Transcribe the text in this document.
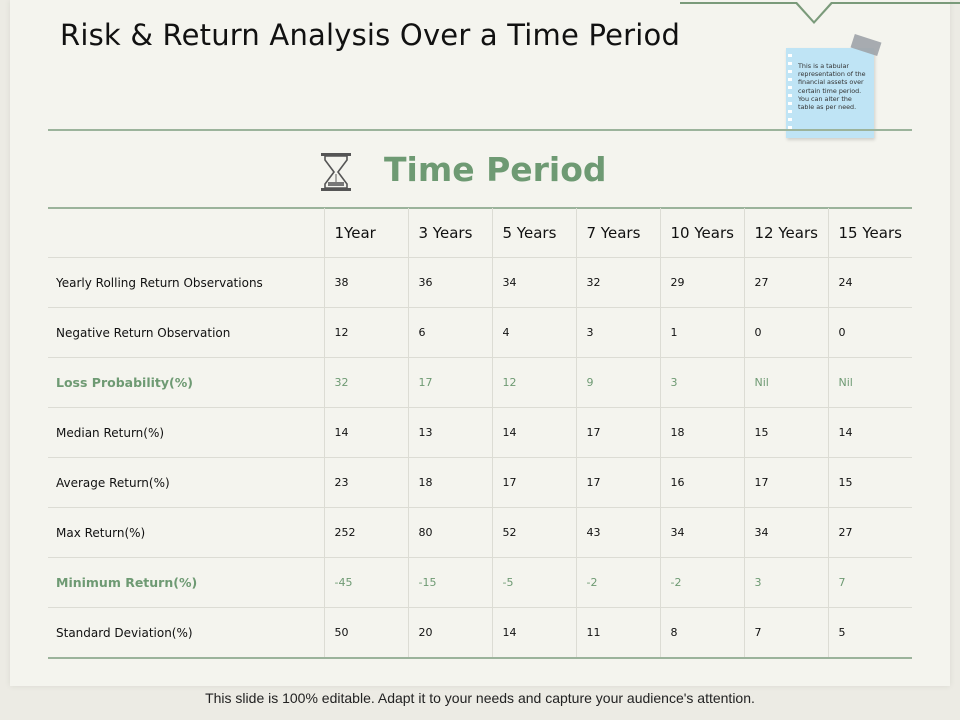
Risk & Return Analysis Over a Time Period
This is a tabular representation of the financial assets over certain time period. You can alter the table as per need.
Time Period
	1Year	3 Years	5 Years	7 Years	10 Years	12 Years	15 Years
Yearly Rolling Return Observations	38	36	34	32	29	27	24
Negative Return Observation	12	6	4	3	1	0	0
Loss Probability(%)	32	17	12	9	3	Nil	Nil
Median Return(%)	14	13	14	17	18	15	14
Average Return(%)	23	18	17	17	16	17	15
Max Return(%)	252	80	52	43	34	34	27
Minimum Return(%)	-45	-15	-5	-2	-2	3	7
Standard Deviation(%)	50	20	14	11	8	7	5
This slide is 100% editable. Adapt it to your needs and capture your audience's attention.
